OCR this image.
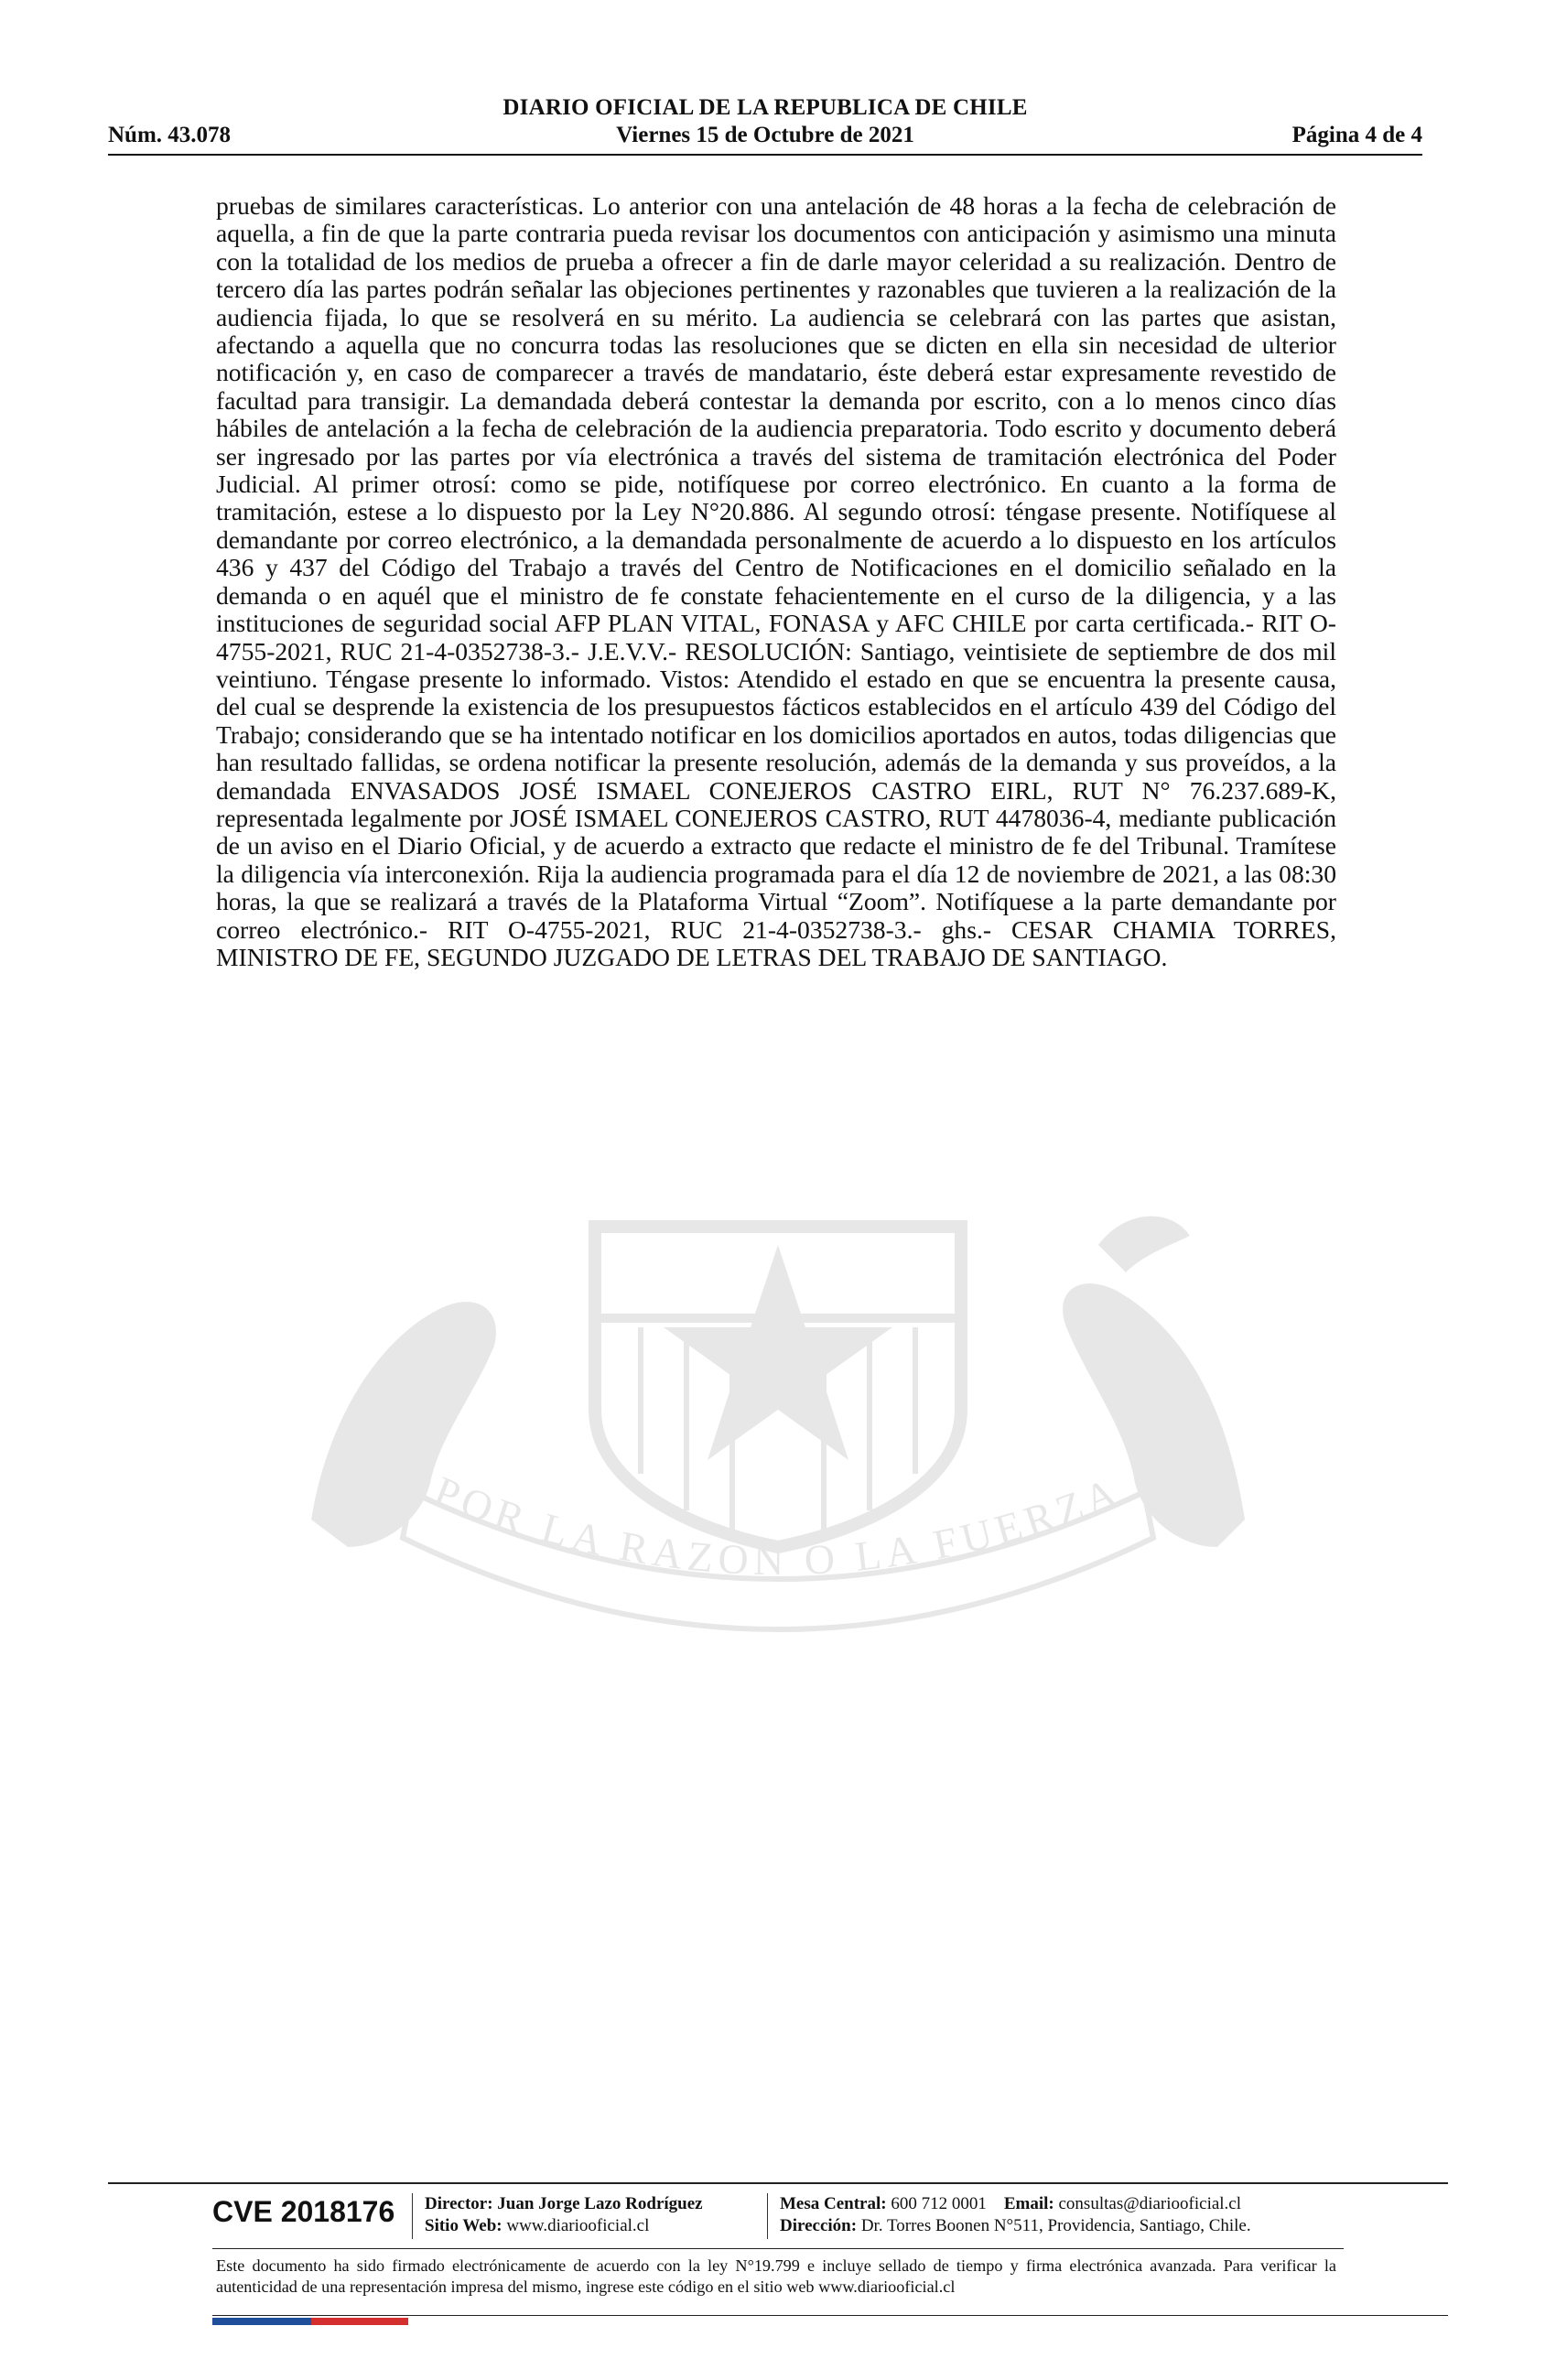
DIARIO OFICIAL DE LA REPUBLICA DE CHILE
Núm. 43.078	Viernes 15 de Octubre de 2021	Página 4 de 4
POR LA RAZON O LA FUERZA

pruebas de similares características. Lo anterior con una antelación de 48 horas a la fecha de celebración de aquella, a fin de que la parte contraria pueda revisar los documentos con anticipación y asimismo una minuta con la totalidad de los medios de prueba a ofrecer a fin de darle mayor celeridad a su realización. Dentro de tercero día las partes podrán señalar las objeciones pertinentes y razonables que tuvieren a la realización de la audiencia fijada, lo que se resolverá en su mérito. La audiencia se celebrará con las partes que asistan, afectando a aquella que no concurra todas las resoluciones que se dicten en ella sin necesidad de ulterior notificación y, en caso de comparecer a través de mandatario, éste deberá estar expresamente revestido de facultad para transigir. La demandada deberá contestar la demanda por escrito, con a lo menos cinco días hábiles de antelación a la fecha de celebración de la audiencia preparatoria. Todo escrito y documento deberá ser ingresado por las partes por vía electrónica a través del sistema de tramitación electrónica del Poder Judicial. Al primer otrosí: como se pide, notifíquese por correo electrónico. En cuanto a la forma de tramitación, estese a lo dispuesto por la Ley N°20.886. Al segundo otrosí: téngase presente. Notifíquese al demandante por correo electrónico, a la demandada personalmente de acuerdo a lo dispuesto en los artículos 436 y 437 del Código del Trabajo a través del Centro de Notificaciones en el domicilio señalado en la demanda o en aquél que el ministro de fe constate fehacientemente en el curso de la diligencia, y a las instituciones de seguridad social AFP PLAN VITAL, FONASA y AFC CHILE por carta certificada.- RIT O-4755-2021, RUC 21-4-0352738-3.- J.E.V.V.- RESOLUCIÓN: Santiago, veintisiete de septiembre de dos mil veintiuno. Téngase presente lo informado. Vistos: Atendido el estado en que se encuentra la presente causa, del cual se desprende la existencia de los presupuestos fácticos establecidos en el artículo 439 del Código del Trabajo; considerando que se ha intentado notificar en los domicilios aportados en autos, todas diligencias que han resultado fallidas, se ordena notificar la presente resolución, además de la demanda y sus proveídos, a la demandada ENVASADOS JOSÉ ISMAEL CONEJEROS CASTRO EIRL, RUT N° 76.237.689-K, representada legalmente por JOSÉ ISMAEL CONEJEROS CASTRO, RUT 4478036-4, mediante publicación de un aviso en el Diario Oficial, y de acuerdo a extracto que redacte el ministro de fe del Tribunal. Tramítese la diligencia vía interconexión. Rija la audiencia programada para el día 12 de noviembre de 2021, a las 08:30 horas, la que se realizará a través de la Plataforma Virtual “Zoom”. Notifíquese a la parte demandante por correo electrónico.- RIT O-4755-2021, RUC 21-4-0352738-3.- ghs.- CESAR CHAMIA TORRES, MINISTRO DE FE, SEGUNDO JUZGADO DE LETRAS DEL TRABAJO DE SANTIAGO.

CVE 2018176 Director: Juan Jorge Lazo Rodríguez
Sitio Web: www.diariooficial.cl
Mesa Central: 600 712 0001 Email: consultas@diariooficial.cl
Dirección: Dr. Torres Boonen N°511, Providencia, Santiago, Chile.

Este documento ha sido firmado electrónicamente de acuerdo con la ley N°19.799 e incluye sellado de tiempo y firma electrónica avanzada. Para verificar la autenticidad de una representación impresa del mismo, ingrese este código en el sitio web www.diariooficial.cl
